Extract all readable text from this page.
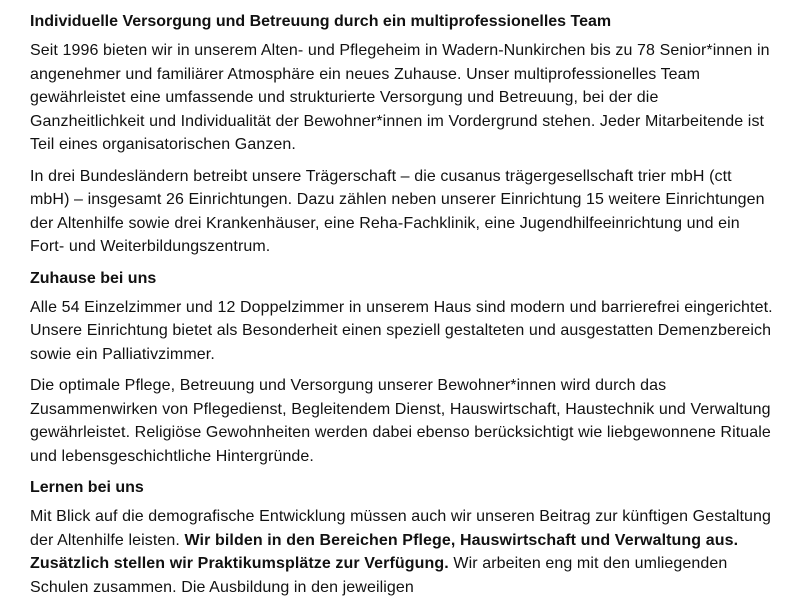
Individuelle Versorgung und Betreuung durch ein multiprofessionelles Team

Seit 1996 bieten wir in unserem Alten- und Pflegeheim in Wadern-Nunkirchen bis zu 78 Senior*innen in angenehmer und familiärer Atmosphäre ein neues Zuhause. Unser multiprofessionelles Team gewährleistet eine umfassende und strukturierte Versorgung und Betreuung, bei der die Ganzheitlichkeit und Individualität der Bewohner*innen im Vordergrund stehen. Jeder Mitarbeitende ist Teil eines organisatorischen Ganzen.

In drei Bundesländern betreibt unsere Trägerschaft – die cusanus trägergesellschaft trier mbH (ctt mbH) – insgesamt 26 Einrichtungen. Dazu zählen neben unserer Einrichtung 15 weitere Einrichtungen der Altenhilfe sowie drei Krankenhäuser, eine Reha-Fachklinik, eine Jugendhilfeeinrichtung und ein Fort- und Weiterbildungszentrum.

Zuhause bei uns

Alle 54 Einzelzimmer und 12 Doppelzimmer in unserem Haus sind modern und barrierefrei eingerichtet. Unsere Einrichtung bietet als Besonderheit einen speziell gestalteten und ausgestatten Demenzbereich sowie ein Palliativzimmer.

Die optimale Pflege, Betreuung und Versorgung unserer Bewohner*innen wird durch das Zusammenwirken von Pflegedienst, Begleitendem Dienst, Hauswirtschaft, Haustechnik und Verwaltung gewährleistet. Religiöse Gewohnheiten werden dabei ebenso berücksichtigt wie liebgewonnene Rituale und lebensgeschichtliche Hintergründe.

Lernen bei uns

Mit Blick auf die demografische Entwicklung müssen auch wir unseren Beitrag zur künftigen Gestaltung der Altenhilfe leisten. Wir bilden in den Bereichen Pflege, Hauswirtschaft und Verwaltung aus. Zusätzlich stellen wir Praktikumsplätze zur Verfügung. Wir arbeiten eng mit den umliegenden Schulen zusammen. Die Ausbildung in den jeweiligen
